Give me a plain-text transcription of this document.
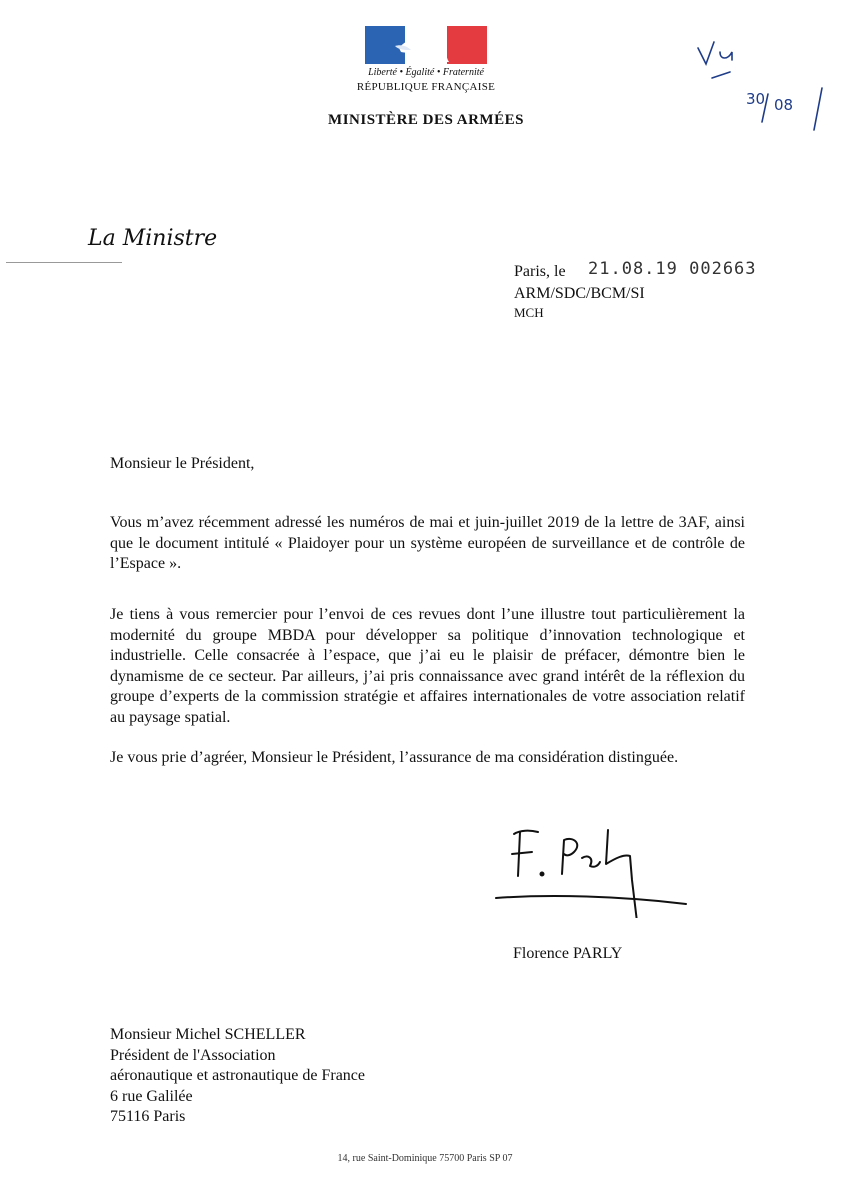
Liberté • Égalité • Fraternité
RÉPUBLIQUE FRANÇAISE
MINISTÈRE DES ARMÉES
30 08
La Ministre
Paris, le 21.08.19 002663
ARM/SDC/BCM/SI
MCH
Monsieur le Président,
Vous m’avez récemment adressé les numéros de mai et juin-juillet 2019 de la lettre de 3AF, ainsi que le document intitulé « Plaidoyer pour un système européen de surveillance et de contrôle de l’Espace ».
Je tiens à vous remercier pour l’envoi de ces revues dont l’une illustre tout particulièrement la modernité du groupe MBDA pour développer sa politique d’innovation technologique et industrielle. Celle consacrée à l’espace, que j’ai eu le plaisir de préfacer, démontre bien le dynamisme de ce secteur. Par ailleurs, j’ai pris connaissance avec grand intérêt de la réflexion du groupe d’experts de la commission stratégie et affaires internationales de votre association relatif au paysage spatial.
Je vous prie d’agréer, Monsieur le Président, l’assurance de ma considération distinguée.
Florence PARLY
Monsieur Michel SCHELLER
Président de l'Association
aéronautique et astronautique de France
6 rue Galilée
75116 Paris
14, rue Saint-Dominique 75700 Paris SP 07
